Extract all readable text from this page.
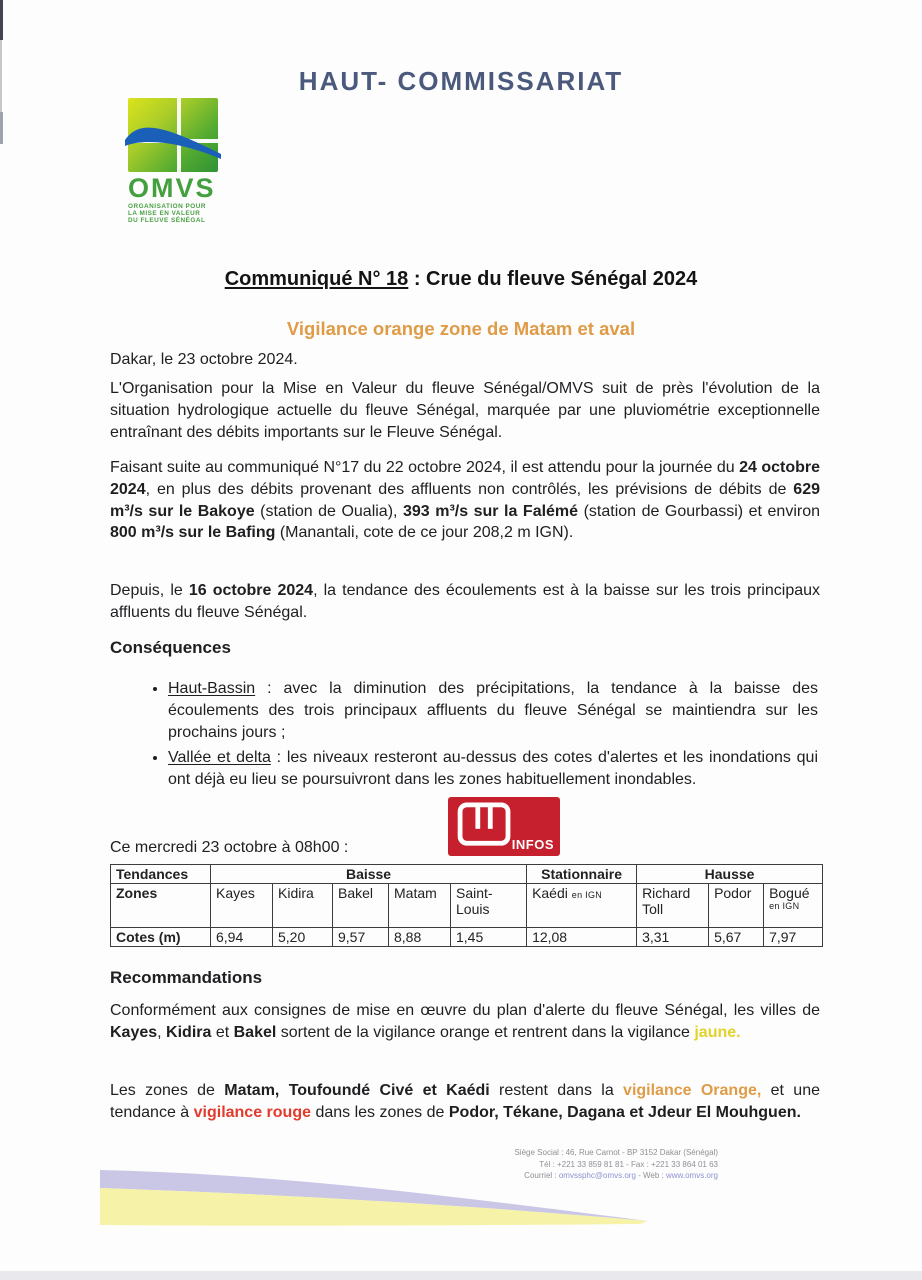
HAUT- COMMISSARIAT
OMVS
ORGANISATION POUR
LA MISE EN VALEUR
DU FLEUVE SÉNÉGAL
Communiqué N° 18 : Crue du fleuve Sénégal 2024
Vigilance orange zone de Matam et aval
Dakar, le 23 octobre 2024.
L'Organisation pour la Mise en Valeur du fleuve Sénégal/OMVS suit de près l'évolution de la situation hydrologique actuelle du fleuve Sénégal, marquée par une pluviométrie exceptionnelle entraînant des débits importants sur le Fleuve Sénégal.
Faisant suite au communiqué N°17 du 22 octobre 2024, il est attendu pour la journée du 24 octobre 2024, en plus des débits provenant des affluents non contrôlés, les prévisions de débits de 629 m³/s sur le Bakoye (station de Oualia), 393 m³/s sur la Falémé (station de Gourbassi) et environ 800 m³/s sur le Bafing (Manantali, cote de ce jour 208,2 m IGN).
Depuis, le 16 octobre 2024, la tendance des écoulements est à la baisse sur les trois principaux affluents du fleuve Sénégal.
Conséquences
• Haut-Bassin : avec la diminution des précipitations, la tendance à la baisse des écoulements des trois principaux affluents du fleuve Sénégal se maintiendra sur les prochains jours ;
• Vallée et delta : les niveaux resteront au-dessus des cotes d'alertes et les inondations qui ont déjà eu lieu se poursuivront dans les zones habituellement inondables.
INFOS
Ce mercredi 23 octobre à 08h00 :
Tendances	Baisse					Stationnaire	Hausse		
Zones	Kayes	Kidira	Bakel	Matam	Saint-Louis	Kaédi en IGN	Richard Toll	Podor	Bogué
en IGN

Cotes (m)	6,94	5,20	9,57	8,88	1,45	12,08	3,31	5,67	7,97
Recommandations
Conformément aux consignes de mise en œuvre du plan d'alerte du fleuve Sénégal, les villes de Kayes, Kidira et Bakel sortent de la vigilance orange et rentrent dans la vigilance jaune.
Les zones de Matam, Toufoundé Civé et Kaédi restent dans la vigilance Orange, et une tendance à vigilance rouge dans les zones de Podor, Tékane, Dagana et Jdeur El Mouhguen.
Siège Social : 46, Rue Carnot - BP 3152 Dakar (Sénégal)
Tél : +221 33 859 81 81 - Fax : +221 33 864 01 63
Courriel : omvssphc@omvs.org - Web : www.omvs.org
